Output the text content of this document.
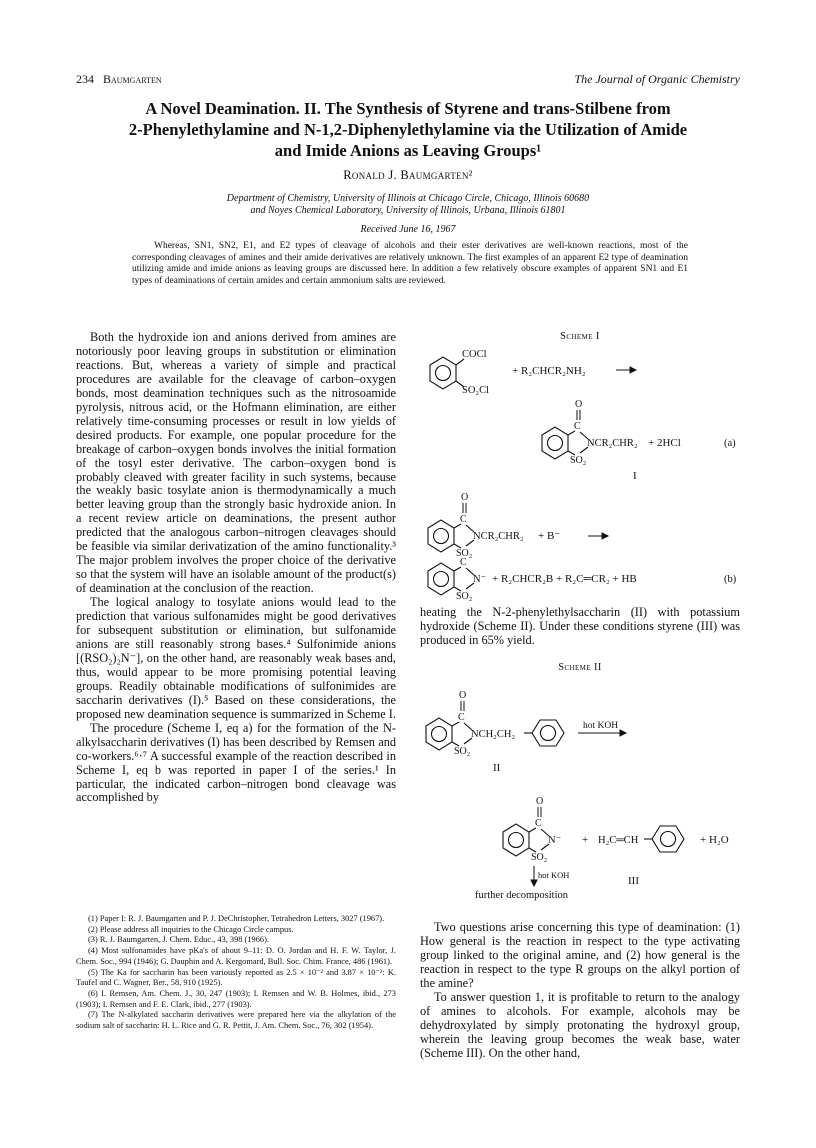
234 Baumgarten	The Journal of Organic Chemistry
A Novel Deamination. II. The Synthesis of Styrene and trans-Stilbene from
2-Phenylethylamine and N-1,2-Diphenylethylamine via the Utilization of Amide
and Imide Anions as Leaving Groups¹
Ronald J. Baumgarten²
Department of Chemistry, University of Illinois at Chicago Circle, Chicago, Illinois 60680
and Noyes Chemical Laboratory, University of Illinois, Urbana, Illinois 61801
Received June 16, 1967
Whereas, SN1, SN2, E1, and E2 types of cleavage of alcohols and their ester derivatives are well-known reactions, most of the corresponding cleavages of amines and their amide derivatives are relatively unknown. The first examples of an apparent E2 type of deamination utilizing amide and imide anions as leaving groups are discussed here. In addition a few relatively obscure examples of apparent SN1 and E1 types of deaminations of certain amides and certain ammonium salts are reviewed.

Both the hydroxide ion and anions derived from amines are notoriously poor leaving groups in substitution or elimination reactions. But, whereas a variety of simple and practical procedures are available for the cleavage of carbon–oxygen bonds, most deamination techniques such as the nitrosoamide pyrolysis, nitrous acid, or the Hofmann elimination, are either relatively time-consuming processes or result in low yields of desired products. For example, one popular procedure for the breakage of carbon–oxygen bonds involves the initial formation of the tosyl ester derivative. The carbon–oxygen bond is probably cleaved with greater facility in such systems, because the weakly basic tosylate anion is thermodynamically a much better leaving group than the strongly basic hydroxide anion. In a recent review article on deaminations, the present author predicted that the analogous carbon–nitrogen cleavages should be feasible via similar derivatization of the amino functionality.³ The major problem involves the proper choice of the derivative so that the system will have an isolable amount of the product(s) of deamination at the conclusion of the reaction.

The logical analogy to tosylate anions would lead to the prediction that various sulfonamides might be good derivatives for subsequent substitution or elimination, but sulfonamide anions are still reasonably strong bases.⁴ Sulfonimide anions [(RSO₂)₂N⁻], on the other hand, are reasonably weak bases and, thus, would appear to be more promising potential leaving groups. Readily obtainable modifications of sulfonimides are saccharin derivatives (I).⁵ Based on these considerations, the proposed new deamination sequence is summarized in Scheme I.

The procedure (Scheme I, eq a) for the formation of the N-alkylsaccharin derivatives (I) has been described by Remsen and co-workers.⁶·⁷ A successful example of the reaction described in Scheme I, eq b was reported in paper I of the series.¹ In particular, the indicated carbon–nitrogen bond cleavage was accomplished by

(1) Paper I: R. J. Baumgarten and P. J. DeChristopher, Tetrahedron Letters, 3027 (1967).
(2) Please address all inquiries to the Chicago Circle campus.
(3) R. J. Baumgarten, J. Chem. Educ., 43, 398 (1966).
(4) Most sulfonamides have pKa's of about 9–11: D. O. Jordan and H. F. W. Taylor, J. Chem. Soc., 994 (1946); G. Dauphin and A. Kergomard, Bull. Soc. Chim. France, 486 (1961).
(5) The Ka for saccharin has been variously reported as 2.5 × 10⁻² and 3.87 × 10⁻²: K. Taufel and C. Wagner, Ber., 58, 910 (1925).
(6) I. Remsen, Am. Chem. J., 30, 247 (1903); I. Remsen and W. B. Holmes, ibid., 273 (1903); I. Remsen and F. E. Clark, ibid., 277 (1903).
(7) The N-alkylated saccharin derivatives were prepared here via the alkylation of the sodium salt of saccharin: H. L. Rice and G. R. Pettit, J. Am. Chem. Soc., 76, 302 (1954).
Scheme I
COCl
SO₂Cl
+ R₂CHCR₂NH₂
O
C
NCR₂CHR₂
SO₂
+ 2HCl	(a)
I
O
C
NCR₂CHR₂
SO₂
+ B⁻
C
N⁻
SO₂
+ R₂CHCR₂B + R₂C═CR₂ + HB	(b)

heating the N-2-phenylethylsaccharin (II) with potassium hydroxide (Scheme II). Under these conditions styrene (III) was produced in 65% yield.

Scheme II
O
C
NCH₂CH₂
SO₂
hot KOH
II
O
C
N⁻
SO₂
+ H₂C═CH	+ H₂O
hot KOH	III
further decomposition

Two questions arise concerning this type of deamination: (1) How general is the reaction in respect to the type activating group linked to the original amine, and (2) how general is the reaction in respect to the type R groups on the alkyl portion of the amine?

To answer question 1, it is profitable to return to the analogy of amines to alcohols. For example, alcohols may be dehydroxylated by simply protonating the hydroxyl group, wherein the leaving group becomes the weak base, water (Scheme III). On the other hand,
